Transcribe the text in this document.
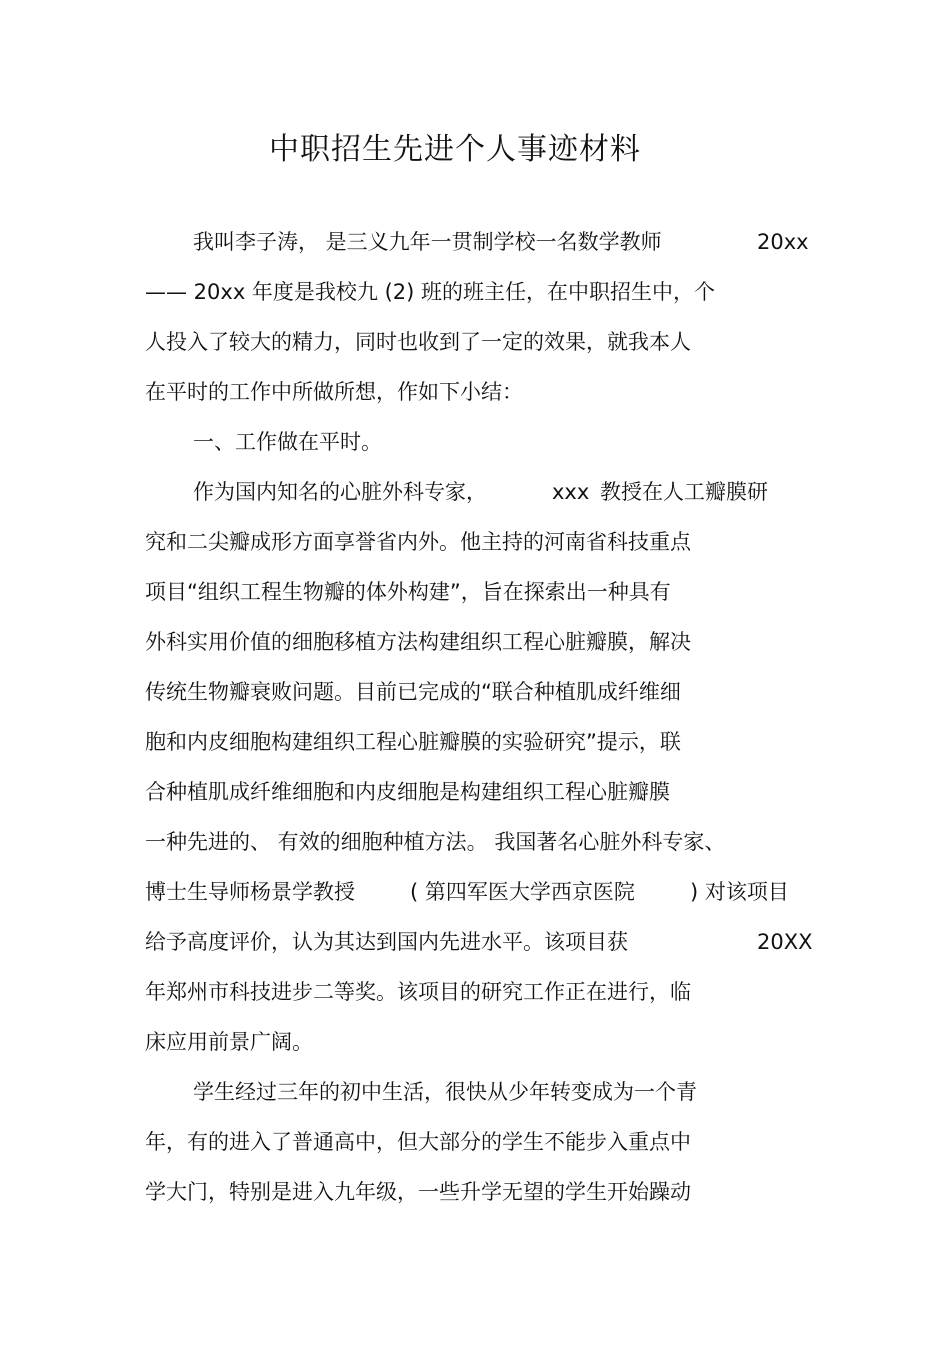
中职招生先进个人事迹材料
我叫李子涛， 是三义九年一贯制学校一名数学教师	20xx
—— 20xx 年度是我校九 (2) 班的班主任，在中职招生中，个
人投入了较大的精力，同时也收到了一定的效果，就我本人
在平时的工作中所做所想，作如下小结：
一、工作做在平时。
作为国内知名的心脏外科专家，	xxx 教授在人工瓣膜研
究和二尖瓣成形方面享誉省内外。他主持的河南省科技重点
项目“组织工程生物瓣的体外构建”，旨在探索出一种具有
外科实用价值的细胞移植方法构建组织工程心脏瓣膜，解决
传统生物瓣衰败问题。目前已完成的“联合种植肌成纤维细
胞和内皮细胞构建组织工程心脏瓣膜的实验研究”提示，联
合种植肌成纤维细胞和内皮细胞是构建组织工程心脏瓣膜
一种先进的、 有效的细胞种植方法。 我国著名心脏外科专家、
博士生导师杨景学教授	( 第四军医大学西京医院	) 对该项目
给予高度评价，认为其达到国内先进水平。该项目获	20XX
年郑州市科技进步二等奖。该项目的研究工作正在进行，临
床应用前景广阔。
学生经过三年的初中生活，很快从少年转变成为一个青
年，有的进入了普通高中，但大部分的学生不能步入重点中
学大门，特别是进入九年级，一些升学无望的学生开始躁动
